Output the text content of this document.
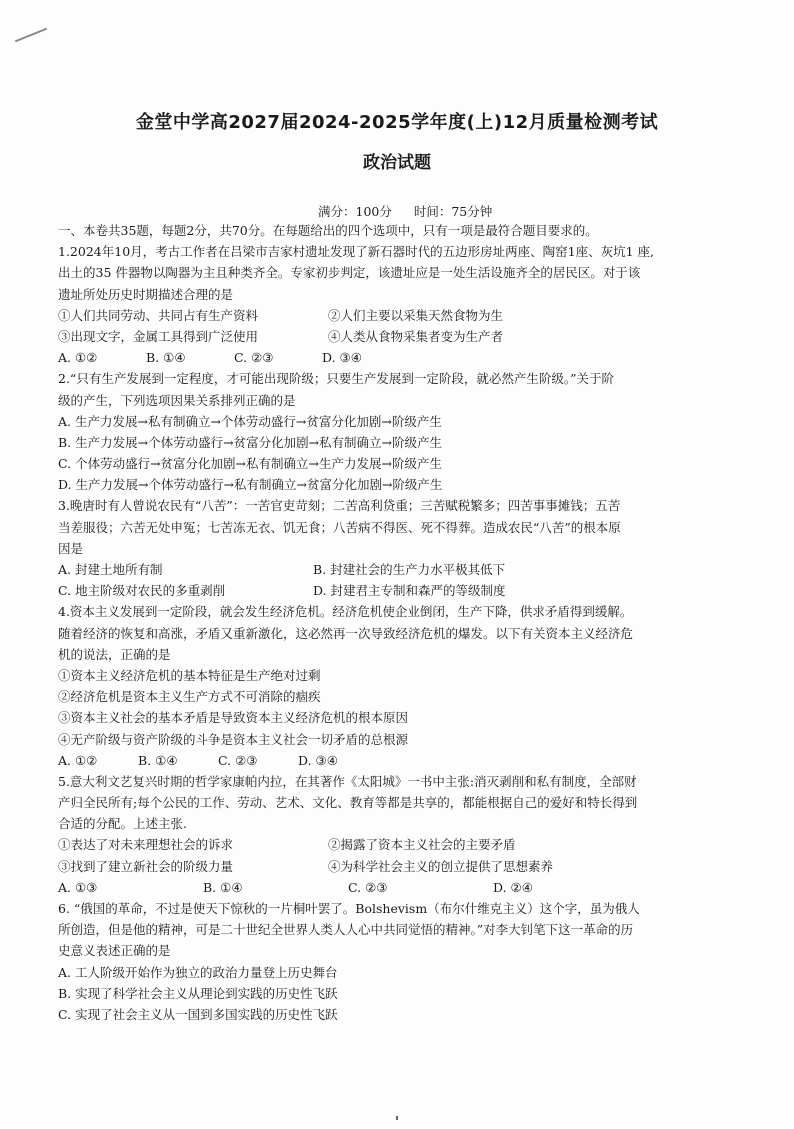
金堂中学高2027届2024-2025学年度(上)12月质量检测考试
政治试题
满分：100分 时间：75分钟
一、本卷共35题，每题2分，共70分。在每题给出的四个选项中，只有一项是最符合题目要求的。
1.2024年10月，考古工作者在吕梁市吉家村遗址发现了新石器时代的五边形房址两座、陶窑1座、灰坑1 座,
出土的35 件器物以陶器为主且种类齐全。专家初步判定，该遗址应是一处生活设施齐全的居民区。对于该
遗址所处历史时期描述合理的是
①人们共同劳动、共同占有生产资料	②人们主要以采集天然食物为生
③出现文字，金属工具得到广泛使用	④人类从食物采集者变为生产者
A. ①②	B. ①④	C. ②③	D. ③④
2.“只有生产发展到一定程度，才可能出现阶级；只要生产发展到一定阶段，就必然产生阶级。”关于阶
级的产生，下列选项因果关系排列正确的是
A. 生产力发展→私有制确立→个体劳动盛行→贫富分化加剧→阶级产生
B. 生产力发展→个体劳动盛行→贫富分化加剧→私有制确立→阶级产生
C. 个体劳动盛行→贫富分化加剧→私有制确立→生产力发展→阶级产生
D. 生产力发展→个体劳动盛行→私有制确立→贫富分化加剧→阶级产生
3.晚唐时有人曾说农民有“八苦”：一苦官吏苛刻；二苦高利贷重；三苦赋税繁多；四苦事事摊钱；五苦
当差服役；六苦无处申冤；七苦冻无衣、饥无食；八苦病不得医、死不得葬。造成农民“八苦”的根本原
因是
A. 封建土地所有制	B. 封建社会的生产力水平极其低下
C. 地主阶级对农民的多重剥削	D. 封建君主专制和森严的等级制度
4.资本主义发展到一定阶段，就会发生经济危机。经济危机使企业倒闭，生产下降，供求矛盾得到缓解。
随着经济的恢复和高涨，矛盾又重新激化，这必然再一次导致经济危机的爆发。以下有关资本主义经济危
机的说法，正确的是
①资本主义经济危机的基本特征是生产绝对过剩
②经济危机是资本主义生产方式不可消除的痼疾
③资本主义社会的基本矛盾是导致资本主义经济危机的根本原因
④无产阶级与资产阶级的斗争是资本主义社会一切矛盾的总根源
A. ①②	B. ①④	C. ②③	D. ③④
5.意大利文艺复兴时期的哲学家康帕内拉，在其著作《太阳城》一书中主张:消灭剥削和私有制度，全部财
产归全民所有;每个公民的工作、劳动、艺术、文化、教育等都是共享的，都能根据自己的爱好和特长得到
合适的分配。上述主张.
①表达了对未来理想社会的诉求	②揭露了资本主义社会的主要矛盾
③找到了建立新社会的阶级力量	④为科学社会主义的创立提供了思想素养
A. ①③	B. ①④	C. ②③	D. ②④
6. “俄国的革命，不过是使天下惊秋的一片桐叶罢了。Bolshevism（布尔什维克主义）这个字，虽为俄人
所创造，但是他的精神，可是二十世纪全世界人类人人心中共同觉悟的精神。”对李大钊笔下这一革命的历
史意义表述正确的是
A. 工人阶级开始作为独立的政治力量登上历史舞台
B. 实现了科学社会主义从理论到实践的历史性飞跃
C. 实现了社会主义从一国到多国实践的历史性飞跃
